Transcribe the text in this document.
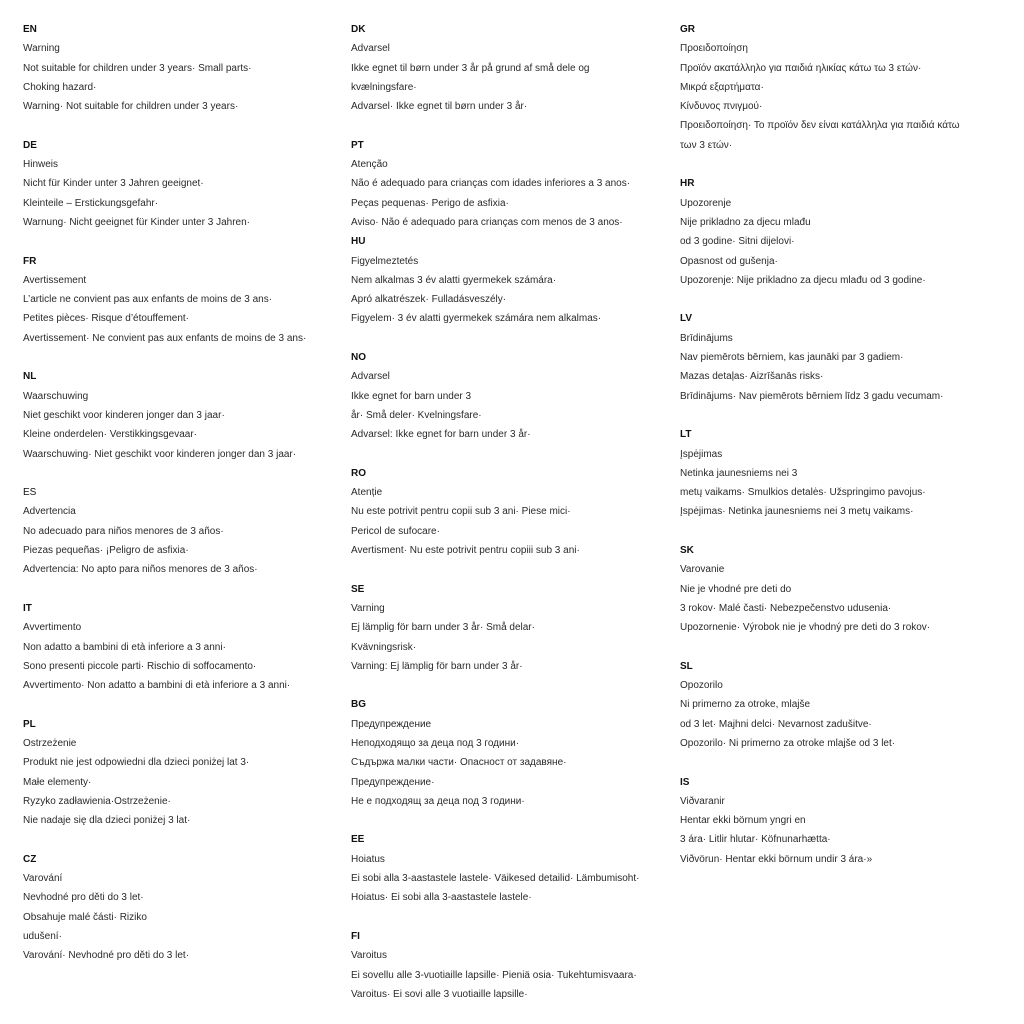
EN
Warning
Not suitable for children under 3 years· Small parts·
Choking hazard·
Warning· Not suitable for children under 3 years·
DE
Hinweis
Nicht für Kinder unter 3 Jahren geeignet·
Kleinteile – Erstickungsgefahr·
Warnung· Nicht geeignet für Kinder unter 3 Jahren·
FR
Avertissement
L’article ne convient pas aux enfants de moins de 3 ans·
Petites pièces· Risque d’étouffement·
Avertissement· Ne convient pas aux enfants de moins de 3 ans·
NL
Waarschuwing
Niet geschikt voor kinderen jonger dan 3 jaar·
Kleine onderdelen· Verstikkingsgevaar·
Waarschuwing· Niet geschikt voor kinderen jonger dan 3 jaar·
ES
Advertencia
No adecuado para niños menores de 3 años·
Piezas pequeñas· ¡Peligro de asfixia·
Advertencia: No apto para niños menores de 3 años·
IT
Avvertimento
Non adatto a bambini di età inferiore a 3 anni·
Sono presenti piccole parti· Rischio di soffocamento·
Avvertimento· Non adatto a bambini di età inferiore a 3 anni·
PL
Ostrzeżenie
Produkt nie jest odpowiedni dla dzieci poniżej lat 3·
Małe elementy·
Ryzyko zadławienia·Ostrzeżenie·
Nie nadaje się dla dzieci poniżej 3 lat·
CZ
Varování
Nevhodné pro děti do 3 let·
Obsahuje malé části· Riziko
udušení·
Varování· Nevhodné pro děti do 3 let·
DK
Advarsel
Ikke egnet til børn under 3 år på grund af små dele og
kvælningsfare·
Advarsel· Ikke egnet til børn under 3 år·
PT
Atenção
Não é adequado para crianças com idades inferiores a 3 anos·
Peças pequenas· Perigo de asfixia·
Aviso· Não é adequado para crianças com menos de 3 anos·
HU
Figyelmeztetés
Nem alkalmas 3 év alatti gyermekek számára·
Apró alkatrészek· Fulladásveszély·
Figyelem· 3 év alatti gyermekek számára nem alkalmas·
NO
Advarsel
Ikke egnet for barn under 3
år· Små deler· Kvelningsfare·
Advarsel: Ikke egnet for barn under 3 år·
RO
Atenție
Nu este potrivit pentru copii sub 3 ani· Piese mici·
Pericol de sufocare·
Avertisment· Nu este potrivit pentru copiii sub 3 ani·
SE
Varning
Ej lämplig för barn under 3 år· Små delar·
Kvävningsrisk·
Varning: Ej lämplig för barn under 3 år·
BG
Предупреждение
Неподходящо за деца под 3 години·
Съдържа малки части· Опасност от задавяне·
Предупреждение·
Не е подходящ за деца под 3 години·
EE
Hoiatus
Ei sobi alla 3-aastastele lastele· Väikesed detailid· Lämbumisoht·
Hoiatus· Ei sobi alla 3-aastastele lastele·
FI
Varoitus
Ei sovellu alle 3-vuotiaille lapsille· Pieniä osia· Tukehtumisvaara·
Varoitus· Ei sovi alle 3 vuotiaille lapsille·
GR
Προειδοποίηση
Προϊόν ακατάλληλο για παιδιά ηλικίας κάτω τω 3 ετών·
Μικρά εξαρτήματα·
Κίνδυνος πνιγμού·
Προειδοποίηση· Το προϊόν δεν είναι κατάλληλα για παιδιά κάτω
των 3 ετών·
HR
Upozorenje
Nije prikladno za djecu mlađu
od 3 godine· Sitni dijelovi·
Opasnost od gušenja·
Upozorenje: Nije prikladno za djecu mlađu od 3 godine·
LV
Brīdinājums
Nav piemērots bērniem, kas jaunāki par 3 gadiem·
Mazas detaļas· Aizrīšanās risks·
Brīdinājums· Nav piemērots bērniem līdz 3 gadu vecumam·
LT
Įspėjimas
Netinka jaunesniems nei 3
metų vaikams· Smulkios detalės· Užspringimo pavojus·
Įspėjimas· Netinka jaunesniems nei 3 metų vaikams·
SK
Varovanie
Nie je vhodné pre deti do
3 rokov· Malé časti· Nebezpečenstvo udusenia·
Upozornenie· Výrobok nie je vhodný pre deti do 3 rokov·
SL
Opozorilo
Ni primerno za otroke, mlajše
od 3 let· Majhni delci· Nevarnost zadušitve·
Opozorilo· Ni primerno za otroke mlajše od 3 let·
IS
Viðvaranir
Hentar ekki börnum yngri en
3 ára· Litlir hlutar· Köfnunarhætta·
Viðvörun· Hentar ekki börnum undir 3 ára·»
